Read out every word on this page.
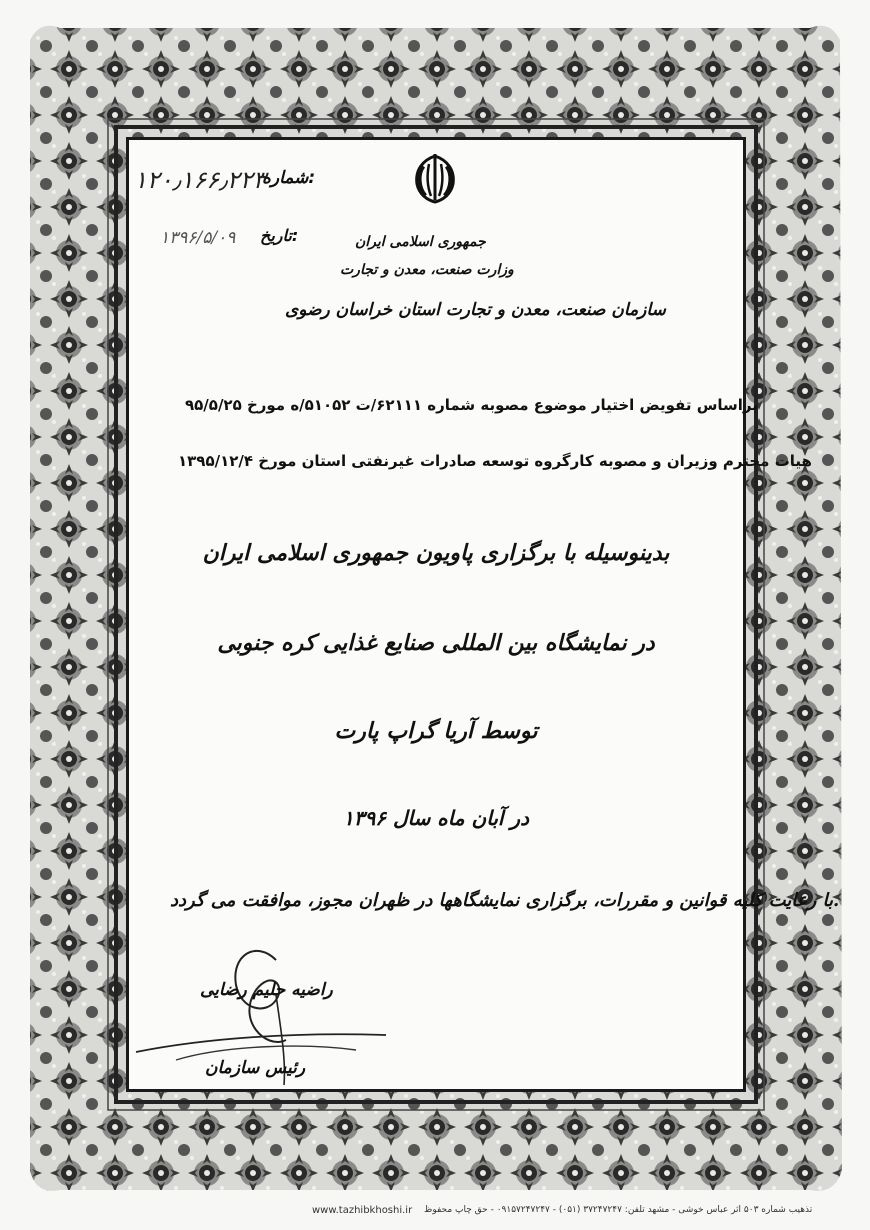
شماره:
۱۲۰٫۱۶۶٫۲۲۳
تاریخ:
۱۳۹۶/۵/۰۹	جمهوری اسلامی ایران
وزارت صنعت، معدن و تجارت
سازمان صنعت، معدن و تجارت استان خراسان رضوی
براساس تفویض اختیار موضوع مصوبه شماره ۶۲۱۱۱/ت ۵۱۰۵۲/ه مورخ ۹۵/۵/۲۵
هیات محترم وزیران و مصوبه کارگروه توسعه صادرات غیرنفتی استان مورخ ۱۳۹۵/۱۲/۴
بدینوسیله با برگزاری پاویون جمهوری اسلامی ایران
در نمایشگاه بین المللی صنایع غذایی کره جنوبی
توسط آریا گراپ پارت
در آبان ماه سال ۱۳۹۶
با رعایت کلیه قوانین و مقررات، برگزاری نمایشگاهها در ظهران مجوز، موافقت می گردد.
راضیه حلیم رضایی
رئیس سازمان
www.tazhibkhoshi.ir تذهیب شماره ۵۰۳ اثر عباس خوشی - مشهد تلفن: ۳۷۲۴۷۲۴۷ (۰۵۱) - ۰۹۱۵۷۲۴۷۲۴۷ - حق چاپ محفوظ
